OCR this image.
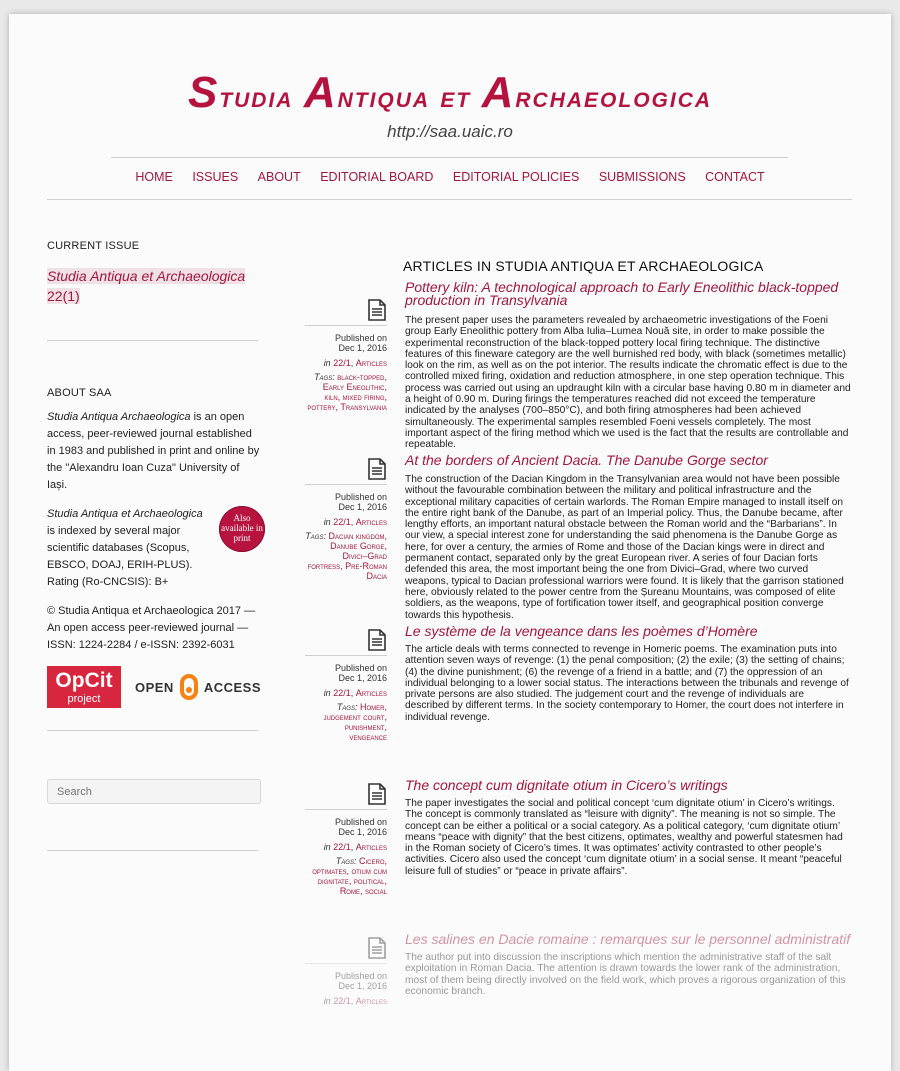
Studia Antiqua et Archaeologica
http://saa.uaic.ro
HOME ISSUES ABOUT EDITORIAL BOARD EDITORIAL POLICIES SUBMISSIONS CONTACT
CURRENT ISSUE
Studia Antiqua et Archaeologica
22(1)
ABOUT SAA

Studia Antiqua Archaeologica is an open access, peer-reviewed journal established in 1983 and published in print and online by the "Alexandru Ioan Cuza" University of Iași.

Studia Antiqua et Archaeologica is indexed by several major scientific databases (Scopus, EBSCO, DOAJ, ERIH-PLUS). Rating (Ro-CNCSIS): B+

Also available in print

© Studia Antiqua et Archaeologica 2017 — An open access peer-reviewed journal — ISSN: 1224-2284 / e-ISSN: 2392-6031

OpCit
project
OPEN ACCESS
Search
ARTICLES IN STUDIA ANTIQUA ET ARCHAEOLOGICA
Published on
Dec 1, 2016
in 22/1, Articles
Tags: black-topped, Early Eneolithic, kiln, mixed firing, pottery, Transylvania
Pottery kiln: A technological approach to Early Eneolithic black-topped production in Transylvania
The present paper uses the parameters revealed by archaeometric investigations of the Foeni group Early Eneolithic pottery from Alba Iulia–Lumea Nouă site, in order to make possible the experimental reconstruction of the black-topped pottery local firing technique. The distinctive features of this fineware category are the well burnished red body, with black (sometimes metallic) look on the rim, as well as on the pot interior. The results indicate the chromatic effect is due to the controlled mixed firing, oxidation and reduction atmosphere, in one step operation technique. This process was carried out using an updraught kiln with a circular base having 0.80 m in diameter and a height of 0.90 m. During firings the temperatures reached did not exceed the temperature indicated by the analyses (700–850°C), and both firing atmospheres had been achieved simultaneously. The experimental samples resembled Foeni vessels completely. The most important aspect of the firing method which we used is the fact that the results are controllable and repeatable.
Published on
Dec 1, 2016
in 22/1, Articles
Tags: Dacian kingdom, Danube Gorge, Divici–Grad fortress, Pre-Roman Dacia
At the borders of Ancient Dacia. The Danube Gorge sector
The construction of the Dacian Kingdom in the Transylvanian area would not have been possible without the favourable combination between the military and political infrastructure and the exceptional military capacities of certain warlords. The Roman Empire managed to install itself on the entire right bank of the Danube, as part of an Imperial policy. Thus, the Danube became, after lengthy efforts, an important natural obstacle between the Roman world and the “Barbarians”. In our view, a special interest zone for understanding the said phenomena is the Danube Gorge as here, for over a century, the armies of Rome and those of the Dacian kings were in direct and permanent contact, separated only by the great European river. A series of four Dacian forts defended this area, the most important being the one from Divici–Grad, where two curved weapons, typical to Dacian professional warriors were found. It is likely that the garrison stationed here, obviously related to the power centre from the Șureanu Mountains, was composed of elite soldiers, as the weapons, type of fortification tower itself, and geographical position converge towards this hypothesis.
Published on
Dec 1, 2016
in 22/1, Articles
Tags: Homer, judgement court, punishment, vengeance
Le système de la vengeance dans les poèmes d’Homère
The article deals with terms connected to revenge in Homeric poems. The examination puts into attention seven ways of revenge: (1) the penal composition; (2) the exile; (3) the setting of chains; (4) the divine punishment; (6) the revenge of a friend in a battle; and (7) the oppression of an individual belonging to a lower social status. The interactions between the tribunals and revenge of private persons are also studied. The judgement court and the revenge of individuals are described by different terms. In the society contemporary to Homer, the court does not interfere in individual revenge.
Published on
Dec 1, 2016
in 22/1, Articles
Tags: Cicero, optimates, otium cum dignitate, political, Rome, social
The concept cum dignitate otium in Cicero’s writings
The paper investigates the social and political concept ‘cum dignitate otium’ in Cicero’s writings. The concept is commonly translated as “leisure with dignity”. The meaning is not so simple. The concept can be either a political or a social category. As a political category, ‘cum dignitate otium’ means “peace with dignity” that the best citizens, optimates, wealthy and powerful statesmen had in the Roman society of Cicero’s times. It was optimates’ activity contrasted to other people’s activities. Cicero also used the concept ‘cum dignitate otium’ in a social sense. It meant “peaceful leisure full of studies” or “peace in private affairs”.
Published on
Dec 1, 2016
in 22/1, Articles
Les salines en Dacie romaine : remarques sur le personnel administratif
The author put into discussion the inscriptions which mention the administrative staff of the salt exploitation in Roman Dacia. The attention is drawn towards the lower rank of the administration, most of them being directly involved on the field work, which proves a rigorous organization of this economic branch.
